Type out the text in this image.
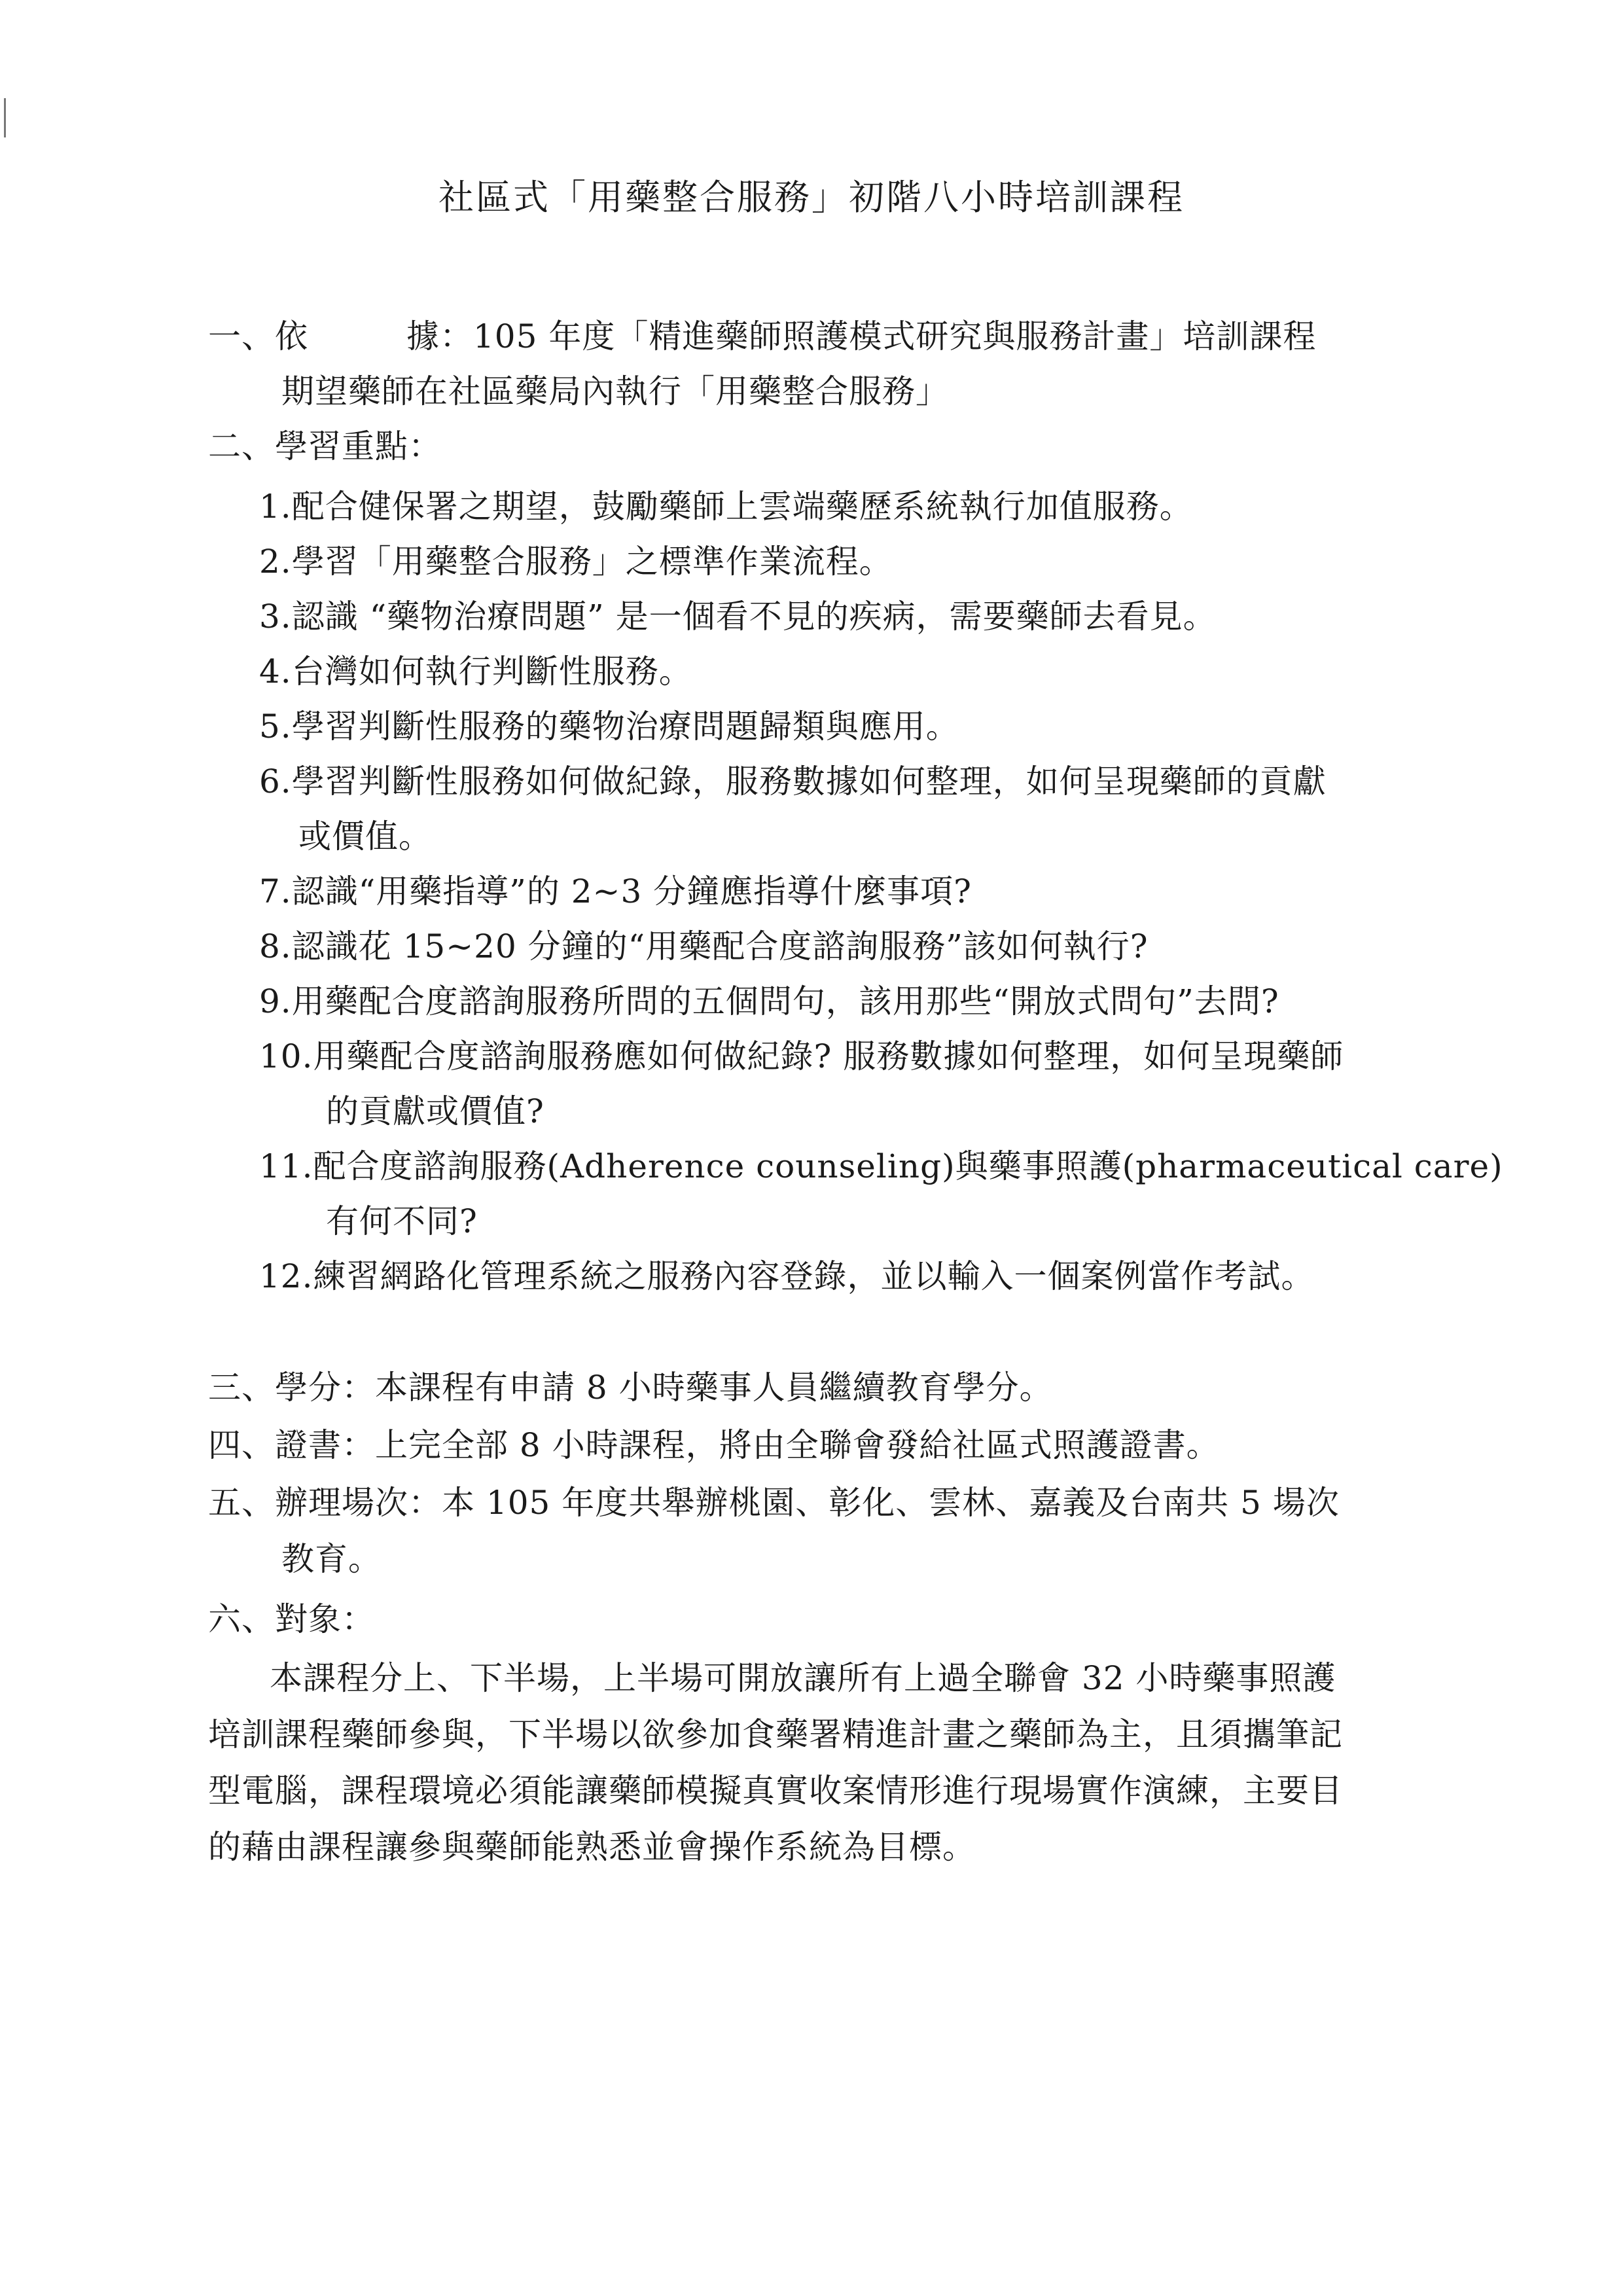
社區式「用藥整合服務」初階八小時培訓課程
一、依	據：105 年度「精進藥師照護模式研究與服務計畫」培訓課程
期望藥師在社區藥局內執行「用藥整合服務」
二、學習重點：
1.配合健保署之期望，鼓勵藥師上雲端藥歷系統執行加值服務。
2.學習「用藥整合服務」之標準作業流程。
3.認識 “藥物治療問題” 是一個看不見的疾病，需要藥師去看見。
4.台灣如何執行判斷性服務。
5.學習判斷性服務的藥物治療問題歸類與應用。
6.學習判斷性服務如何做紀錄，服務數據如何整理，如何呈現藥師的貢獻
或價值。
7.認識“用藥指導”的 2~3 分鐘應指導什麼事項?
8.認識花 15~20 分鐘的“用藥配合度諮詢服務”該如何執行?
9.用藥配合度諮詢服務所問的五個問句，該用那些“開放式問句”去問?
10.用藥配合度諮詢服務應如何做紀錄? 服務數據如何整理，如何呈現藥師
的貢獻或價值?
11.配合度諮詢服務(Adherence counseling)與藥事照護(pharmaceutical care)
有何不同?
12.練習網路化管理系統之服務內容登錄，並以輸入一個案例當作考試。
三、學分：本課程有申請 8 小時藥事人員繼續教育學分。
四、證書：上完全部 8 小時課程，將由全聯會發給社區式照護證書。
五、辦理場次：本 105 年度共舉辦桃園、彰化、雲林、嘉義及台南共 5 場次
教育。
六、對象：
本課程分上、下半場，上半場可開放讓所有上過全聯會 32 小時藥事照護
培訓課程藥師參與，下半場以欲參加食藥署精進計畫之藥師為主，且須攜筆記
型電腦，課程環境必須能讓藥師模擬真實收案情形進行現場實作演練，主要目
的藉由課程讓參與藥師能熟悉並會操作系統為目標。
